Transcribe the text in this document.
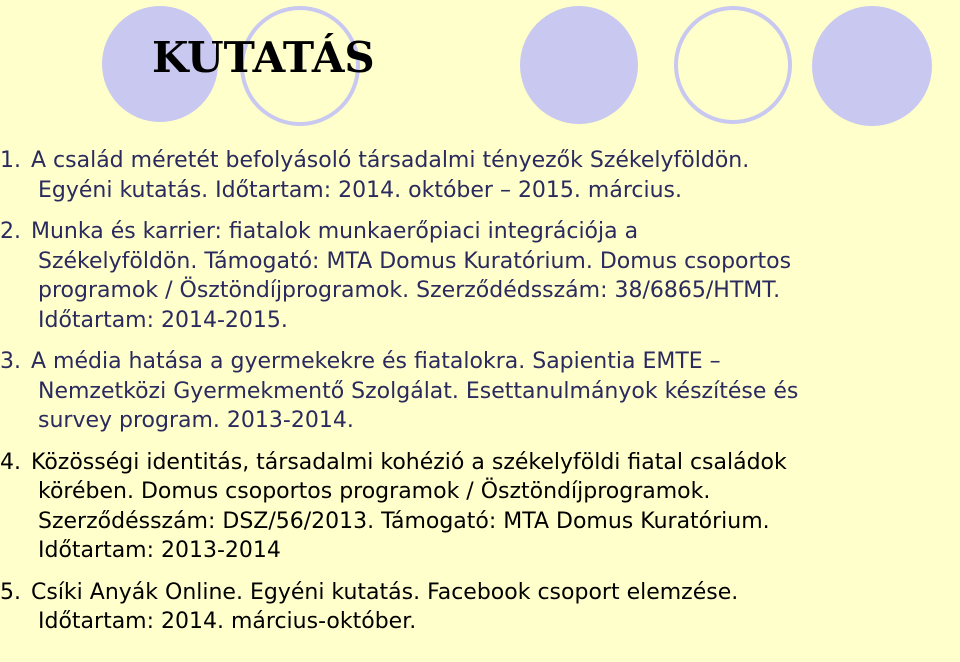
KUTATÁS

1. A család méretét befolyásoló társadalmi tényezők Székelyföldön.
Egyéni kutatás. Időtartam: 2014. október – 2015. március.

2. Munka és karrier: fiatalok munkaerőpiaci integrációja a
Székelyföldön. Támogató: MTA Domus Kuratórium. Domus csoportos
programok / Ösztöndíjprogramok. Szerződédsszám: 38/6865/HTMT.
Időtartam: 2014-2015.

3. A média hatása a gyermekekre és fiatalokra. Sapientia EMTE –
Nemzetközi Gyermekmentő Szolgálat. Esettanulmányok készítése és
survey program. 2013-2014.

4. Közösségi identitás, társadalmi kohézió a székelyföldi fiatal családok
körében. Domus csoportos programok / Ösztöndíjprogramok.
Szerződésszám: DSZ/56/2013. Támogató: MTA Domus Kuratórium.
Időtartam: 2013-2014

5. Csíki Anyák Online. Egyéni kutatás. Facebook csoport elemzése.
Időtartam: 2014. március-október.
